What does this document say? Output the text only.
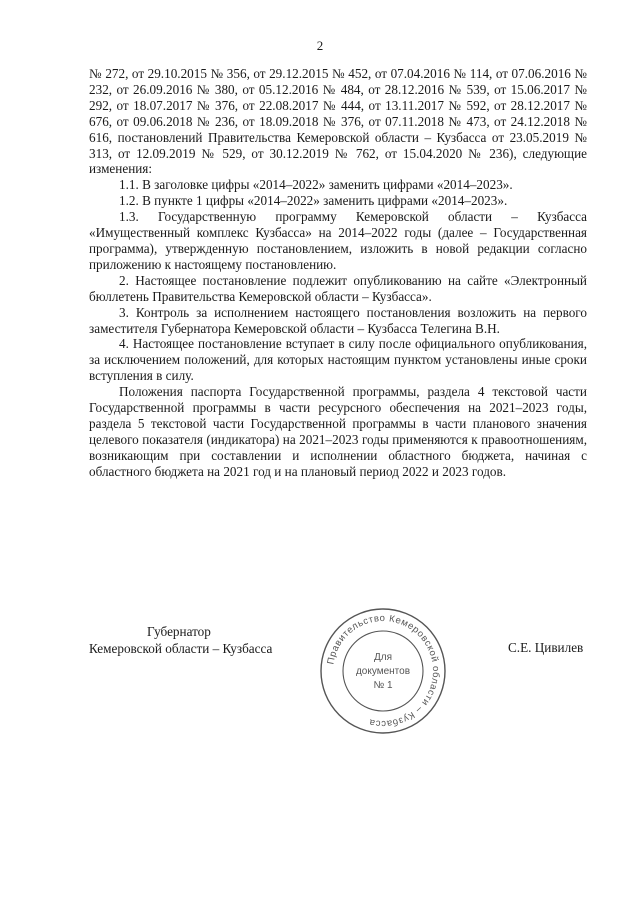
2

№ 272, от 29.10.2015 № 356, от 29.12.2015 № 452, от 07.04.2016 № 114, от 07.06.2016 № 232, от 26.09.2016 № 380, от 05.12.2016 № 484, от 28.12.2016 № 539, от 15.06.2017 № 292, от 18.07.2017 № 376, от 22.08.2017 № 444, от 13.11.2017 № 592, от 28.12.2017 № 676, от 09.06.2018 № 236, от 18.09.2018 № 376, от 07.11.2018 № 473, от 24.12.2018 № 616, постановлений Правительства Кемеровской области – Кузбасса от 23.05.2019 № 313, от 12.09.2019 № 529, от 30.12.2019 № 762, от 15.04.2020 № 236), следующие изменения:

1.1. В заголовке цифры «2014–2022» заменить цифрами «2014–2023».

1.2. В пункте 1 цифры «2014–2022» заменить цифрами «2014–2023».

1.3. Государственную программу Кемеровской области – Кузбасса «Имущественный комплекс Кузбасса» на 2014–2022 годы (далее – Государственная программа), утвержденную постановлением, изложить в новой редакции согласно приложению к настоящему постановлению.

2. Настоящее постановление подлежит опубликованию на сайте «Электронный бюллетень Правительства Кемеровской области – Кузбасса».

3. Контроль за исполнением настоящего постановления возложить на первого заместителя Губернатора Кемеровской области – Кузбасса Телегина В.Н.

4. Настоящее постановление вступает в силу после официального опубликования, за исключением положений, для которых настоящим пунктом установлены иные сроки вступления в силу.

Положения паспорта Государственной программы, раздела 4 текстовой части Государственной программы в части ресурсного обеспечения на 2021–2023 годы, раздела 5 текстовой части Государственной программы в части планового значения целевого показателя (индикатора) на 2021–2023 годы применяются к правоотношениям, возникающим при составлении и исполнении областного бюджета, начиная с областного бюджета на 2021 год и на плановый период 2022 и 2023 годов.

Губернатор
Кемеровской области – Кузбасса	С.Е. Цивилев
Правительство Кемеровской области – Кузбасса
Для
документов
№ 1
